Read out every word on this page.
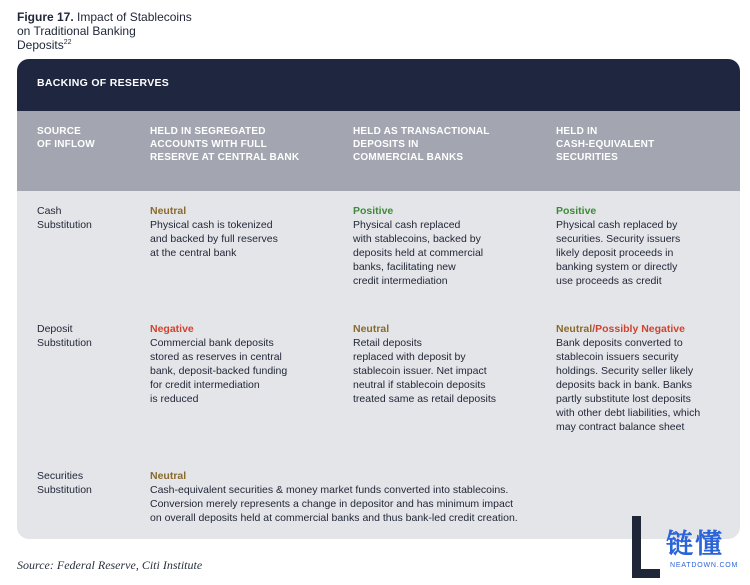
Figure 17. Impact of Stablecoins
on Traditional Banking
Deposits$^{22}$
BACKING OF RESERVES
SOURCE
OF INFLOW
HELD IN SEGREGATED
ACCOUNTS WITH FULL
RESERVE AT CENTRAL BANK
HELD AS TRANSACTIONAL
DEPOSITS IN
COMMERCIAL BANKS
HELD IN
CASH-EQUIVALENT
SECURITIES
Cash
Substitution
Neutral
Physical cash is tokenized
and backed by full reserves
at the central bank
Positive
Physical cash replaced
with stablecoins, backed by
deposits held at commercial
banks, facilitating new
credit intermediation
Positive
Physical cash replaced by
securities. Security issuers
likely deposit proceeds in
banking system or directly
use proceeds as credit
Deposit
Substitution
Negative
Commercial bank deposits
stored as reserves in central
bank, deposit-backed funding
for credit intermediation
is reduced
Neutral
Retail deposits
replaced with deposit by
stablecoin issuer. Net impact
neutral if stablecoin deposits
treated same as retail deposits
Neutral/Possibly Negative
Bank deposits converted to
stablecoin issuers security
holdings. Security seller likely
deposits back in bank. Banks
partly substitute lost deposits
with other debt liabilities, which
may contract balance sheet
Securities
Substitution
Neutral
Cash-equivalent securities & money market funds converted into stablecoins.
Conversion merely represents a change in depositor and has minimum impact
on overall deposits held at commercial banks and thus bank-led credit creation.
Source: Federal Reserve, Citi Institute
链懂
NEATDOWN.COM
